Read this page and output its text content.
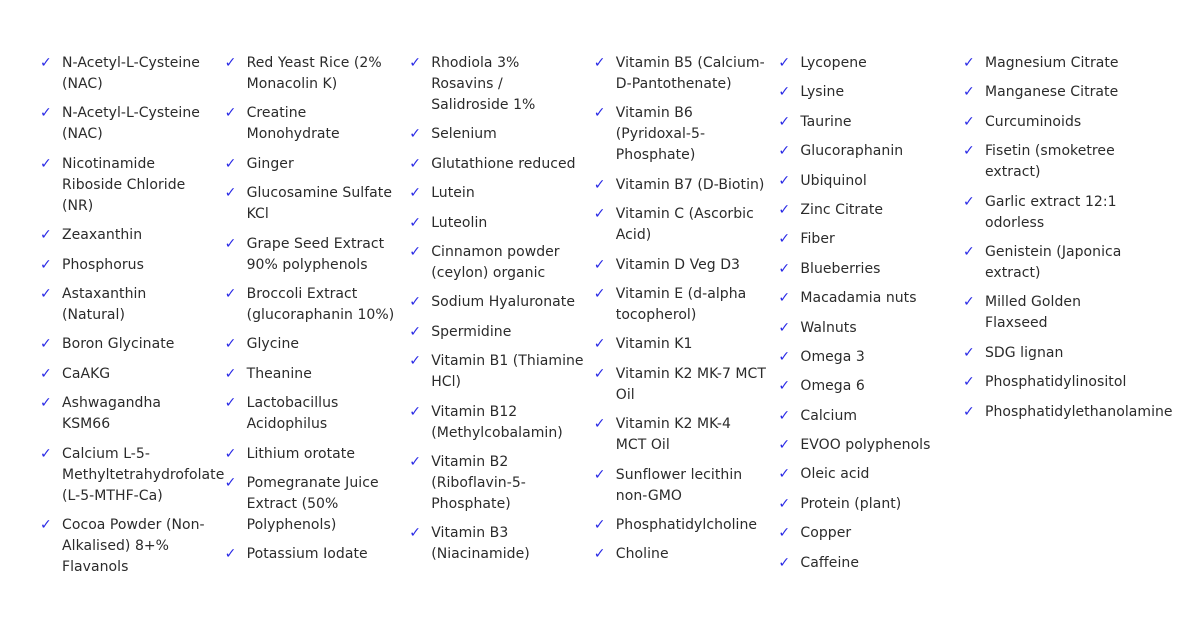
✓ N-Acetyl-L-Cysteine
(NAC)
✓ N-Acetyl-L-Cysteine
(NAC)
✓ Nicotinamide
Riboside Chloride
(NR)
✓ Zeaxanthin
✓ Phosphorus
✓ Astaxanthin
(Natural)
✓ Boron Glycinate
✓ CaAKG
✓ Ashwagandha
KSM66
✓ Calcium L-5-
Methyltetrahydrofolate
(L-5-MTHF-Ca)
✓ Cocoa Powder (Non-
Alkalised) 8+%
Flavanols
✓ Red Yeast Rice (2%
Monacolin K)
✓ Creatine
Monohydrate
✓ Ginger
✓ Glucosamine Sulfate
KCl
✓ Grape Seed Extract
90% polyphenols
✓ Broccoli Extract
(glucoraphanin 10%)
✓ Glycine
✓ Theanine
✓ Lactobacillus
Acidophilus
✓ Lithium orotate
✓ Pomegranate Juice
Extract (50%
Polyphenols)
✓ Potassium Iodate
✓ Rhodiola 3%
Rosavins /
Salidroside 1%
✓ Selenium
✓ Glutathione reduced
✓ Lutein
✓ Luteolin
✓ Cinnamon powder
(ceylon) organic
✓ Sodium Hyaluronate
✓ Spermidine
✓ Vitamin B1 (Thiamine
HCl)
✓ Vitamin B12
(Methylcobalamin)
✓ Vitamin B2
(Riboflavin-5-
Phosphate)
✓ Vitamin B3
(Niacinamide)
✓ Vitamin B5 (Calcium-
D-Pantothenate)
✓ Vitamin B6
(Pyridoxal-5-
Phosphate)
✓ Vitamin B7 (D-Biotin)
✓ Vitamin C (Ascorbic
Acid)
✓ Vitamin D Veg D3
✓ Vitamin E (d-alpha
tocopherol)
✓ Vitamin K1
✓ Vitamin K2 MK-7 MCT
Oil
✓ Vitamin K2 MK-4
MCT Oil
✓ Sunflower lecithin
non-GMO
✓ Phosphatidylcholine
✓ Choline
✓ Lycopene
✓ Lysine
✓ Taurine
✓ Glucoraphanin
✓ Ubiquinol
✓ Zinc Citrate
✓ Fiber
✓ Blueberries
✓ Macadamia nuts
✓ Walnuts
✓ Omega 3
✓ Omega 6
✓ Calcium
✓ EVOO polyphenols
✓ Oleic acid
✓ Protein (plant)
✓ Copper
✓ Caffeine
✓ Magnesium Citrate
✓ Manganese Citrate
✓ Curcuminoids
✓ Fisetin (smoketree
extract)
✓ Garlic extract 12:1
odorless
✓ Genistein (Japonica
extract)
✓ Milled Golden
Flaxseed
✓ SDG lignan
✓ Phosphatidylinositol
✓ Phosphatidylethanolamine
